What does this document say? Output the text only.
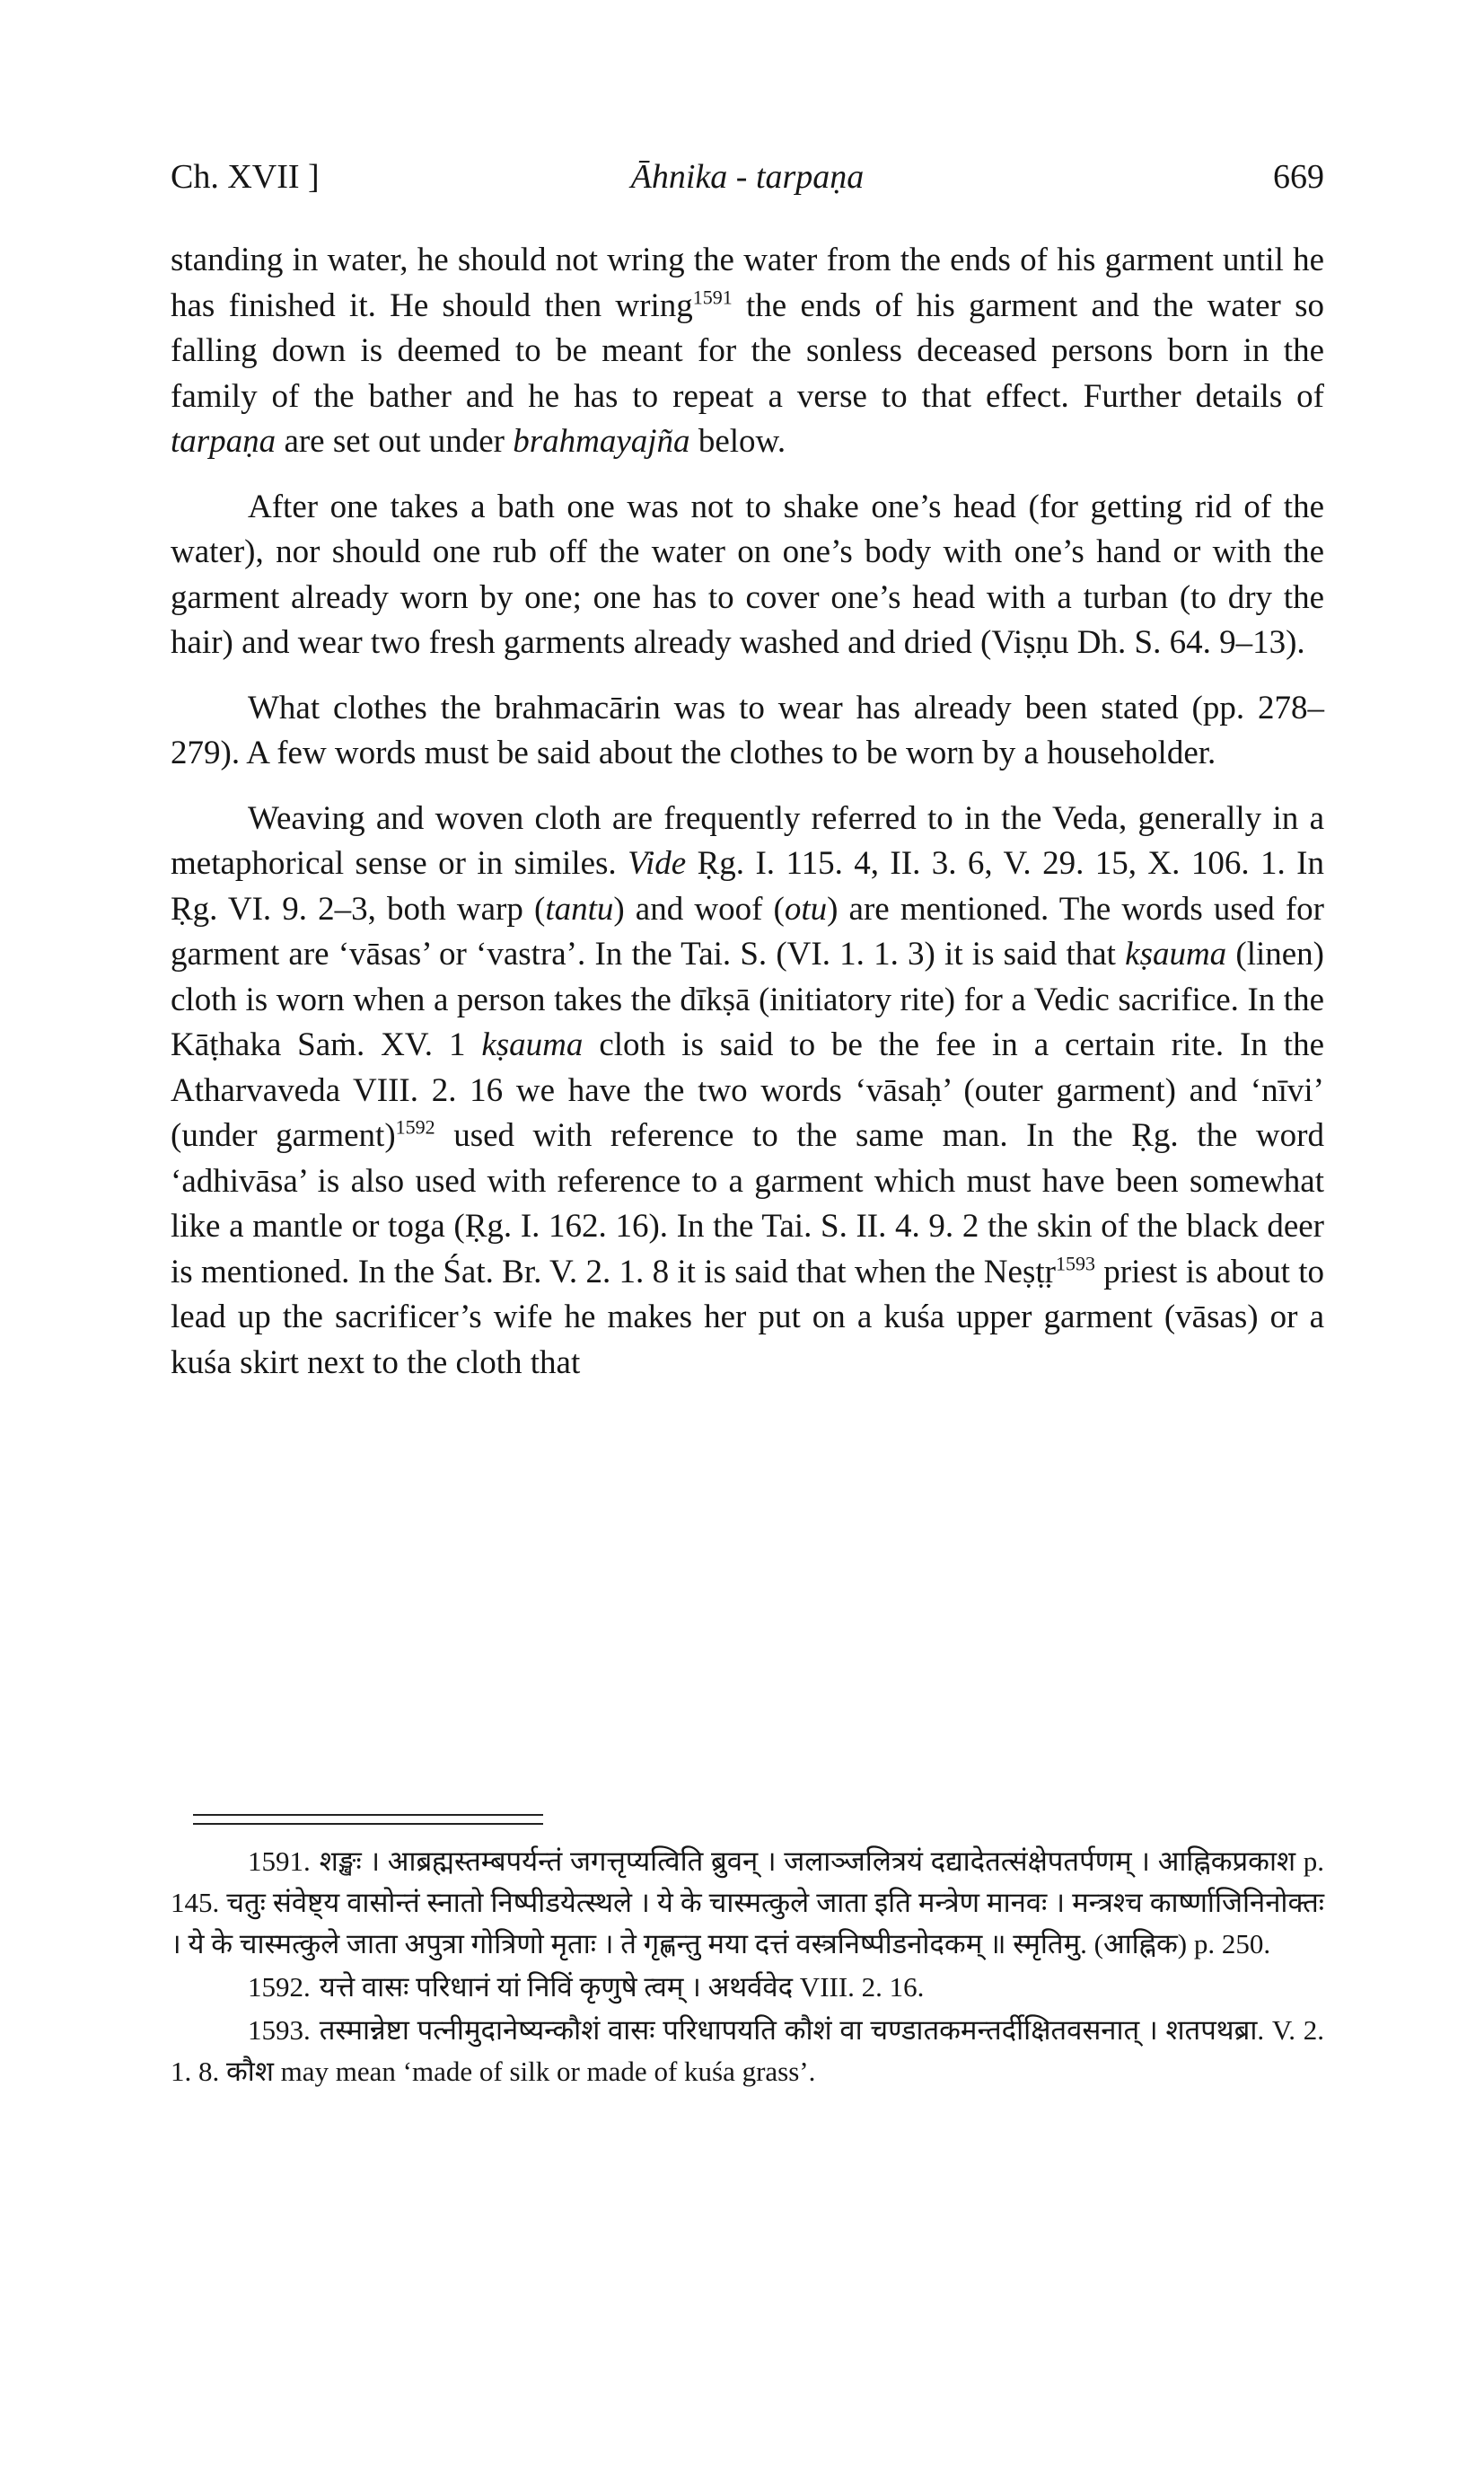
Ch. XVII ]	Āhnika - tarpaṇa	669

standing in water, he should not wring the water from the ends of his garment until he has finished it. He should then wring$^{1591}$ the ends of his garment and the water so falling down is deemed to be meant for the sonless deceased persons born in the family of the bather and he has to repeat a verse to that effect. Further details of tarpaṇa are set out under brahmayajña below.

After one takes a bath one was not to shake one’s head (for getting rid of the water), nor should one rub off the water on one’s body with one’s hand or with the garment already worn by one; one has to cover one’s head with a turban (to dry the hair) and wear two fresh garments already washed and dried (Viṣṇu Dh. S. 64. 9–13).

What clothes the brahmacārin was to wear has already been stated (pp. 278–279). A few words must be said about the clothes to be worn by a householder.

Weaving and woven cloth are frequently referred to in the Veda, generally in a metaphorical sense or in similes. Vide Ṛg. I. 115. 4, II. 3. 6, V. 29. 15, X. 106. 1. In Ṛg. VI. 9. 2–3, both warp (tantu) and woof (otu) are mentioned. The words used for garment are ‘vāsas’ or ‘vastra’. In the Tai. S. (VI. 1. 1. 3) it is said that kṣauma (linen) cloth is worn when a person takes the dīkṣā (initiatory rite) for a Vedic sacrifice. In the Kāṭhaka Saṁ. XV. 1 kṣauma cloth is said to be the fee in a certain rite. In the Atharvaveda VIII. 2. 16 we have the two words ‘vāsaḥ’ (outer garment) and ‘nīvi’ (under garment)$^{1592}$ used with reference to the same man. In the Ṛg. the word ‘adhivāsa’ is also used with reference to a garment which must have been somewhat like a mantle or toga (Ṛg. I. 162. 16). In the Tai. S. II. 4. 9. 2 the skin of the black deer is mentioned. In the Śat. Br. V. 2. 1. 8 it is said that when the Neṣṭṛ$^{1593}$ priest is about to lead up the sacrificer’s wife he makes her put on a kuśa upper garment (vāsas) or a kuśa skirt next to the cloth that

1591. शङ्खः । आब्रह्मस्तम्बपर्यन्तं जगत्तृप्यत्विति ब्रुवन् । जलाञ्जलित्रयं दद्यादेतत्संक्षेपतर्पणम् । आह्निकप्रकाश p. 145. चतुः संवेष्ट्य वासोन्तं स्नातो निष्पीडयेत्स्थले । ये के चास्मत्कुले जाता इति मन्त्रेण मानवः । मन्त्रश्च कार्ष्णाजिनिनोक्तः । ये के चास्मत्कुले जाता अपुत्रा गोत्रिणो मृताः । ते गृह्णन्तु मया दत्तं वस्त्रनिष्पीडनोदकम् ॥ स्मृतिमु. (आह्निक) p. 250.

1592. यत्ते वासः परिधानं यां निविं कृणुषे त्वम् । अथर्ववेद VIII. 2. 16.

1593. तस्मान्नेष्टा पत्नीमुदानेष्यन्कौशं वासः परिधापयति कौशं वा चण्डातकमन्तर्दीक्षितवसनात् । शतपथब्रा. V. 2. 1. 8. कौश may mean ‘made of silk or made of kuśa grass’.
